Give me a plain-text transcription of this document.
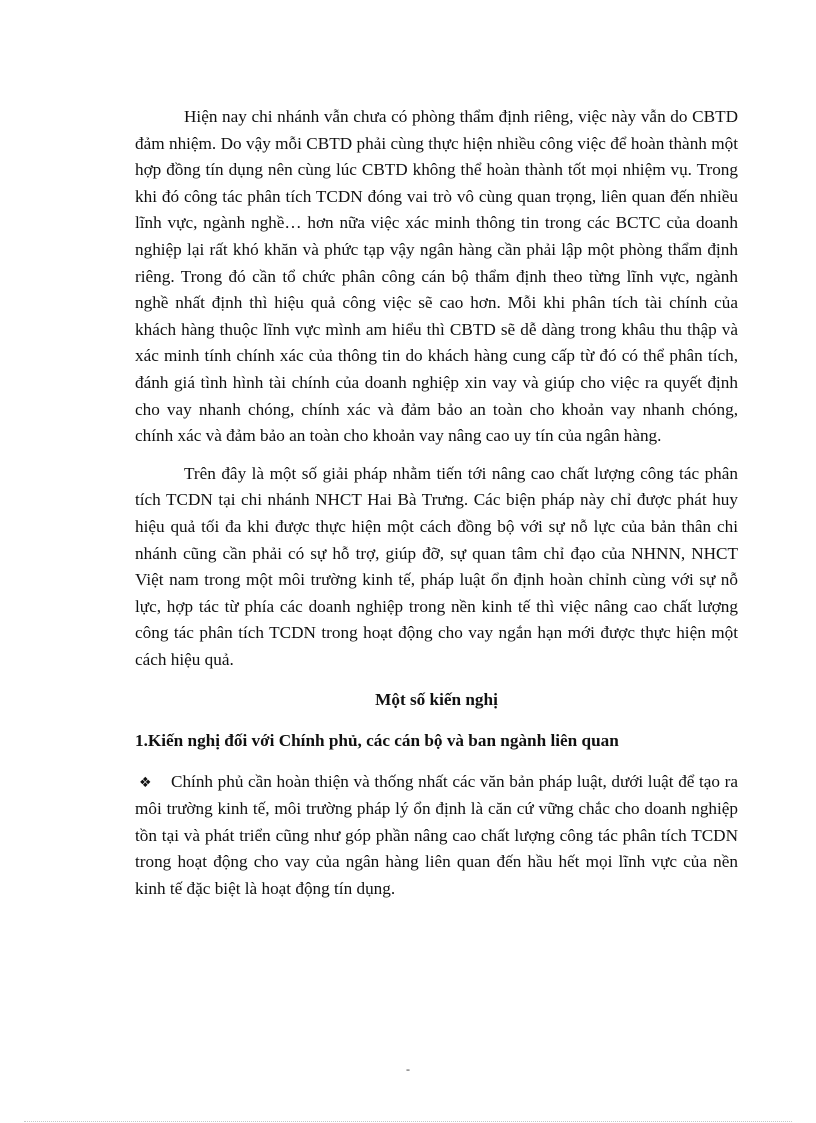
Hiện nay chi nhánh vẫn chưa có phòng thẩm định riêng, việc này vẫn do CBTD đảm nhiệm. Do vậy mỗi CBTD phải cùng thực hiện nhiều công việc để hoàn thành một hợp đồng tín dụng nên cùng lúc CBTD không thể hoàn thành tốt mọi nhiệm vụ. Trong khi đó công tác phân tích TCDN đóng vai trò vô cùng quan trọng, liên quan đến nhiều lĩnh vực, ngành nghề… hơn nữa việc xác minh thông tin trong các BCTC của doanh nghiệp lại rất khó khăn và phức tạp vậy ngân hàng cần phải lập một phòng thẩm định riêng. Trong đó cần tổ chức phân công cán bộ thẩm định theo từng lĩnh vực, ngành nghề nhất định thì hiệu quả công việc sẽ cao hơn. Mỗi khi phân tích tài chính của khách hàng thuộc lĩnh vực mình am hiểu thì CBTD sẽ dễ dàng trong khâu thu thập và xác minh tính chính xác của thông tin do khách hàng cung cấp từ đó có thể phân tích, đánh giá tình hình tài chính của doanh nghiệp xin vay và giúp cho việc ra quyết định cho vay nhanh chóng, chính xác và đảm bảo an toàn cho khoản vay nhanh chóng, chính xác và đảm bảo an toàn cho khoản vay nâng cao uy tín của ngân hàng.

Trên đây là một số giải pháp nhằm tiến tới nâng cao chất lượng công tác phân tích TCDN tại chi nhánh NHCT Hai Bà Trưng. Các biện pháp này chỉ được phát huy hiệu quả tối đa khi được thực hiện một cách đồng bộ với sự nỗ lực của bản thân chi nhánh cũng cần phải có sự hỗ trợ, giúp đỡ, sự quan tâm chỉ đạo của NHNN, NHCT Việt nam trong một môi trường kinh tế, pháp luật ổn định hoàn chỉnh cùng với sự nỗ lực, hợp tác từ phía các doanh nghiệp trong nền kinh tế thì việc nâng cao chất lượng công tác phân tích TCDN trong hoạt động cho vay ngắn hạn mới được thực hiện một cách hiệu quả.

Một số kiến nghị

1.Kiến nghị đối với Chính phủ, các cán bộ và ban ngành liên quan

❖ Chính phủ cần hoàn thiện và thống nhất các văn bản pháp luật, dưới luật để tạo ra môi trường kinh tế, môi trường pháp lý ổn định là căn cứ vững chắc cho doanh nghiệp tồn tại và phát triển cũng như góp phần nâng cao chất lượng công tác phân tích TCDN trong hoạt động cho vay của ngân hàng liên quan đến hầu hết mọi lĩnh vực của nền kinh tế đặc biệt là hoạt động tín dụng.

-
